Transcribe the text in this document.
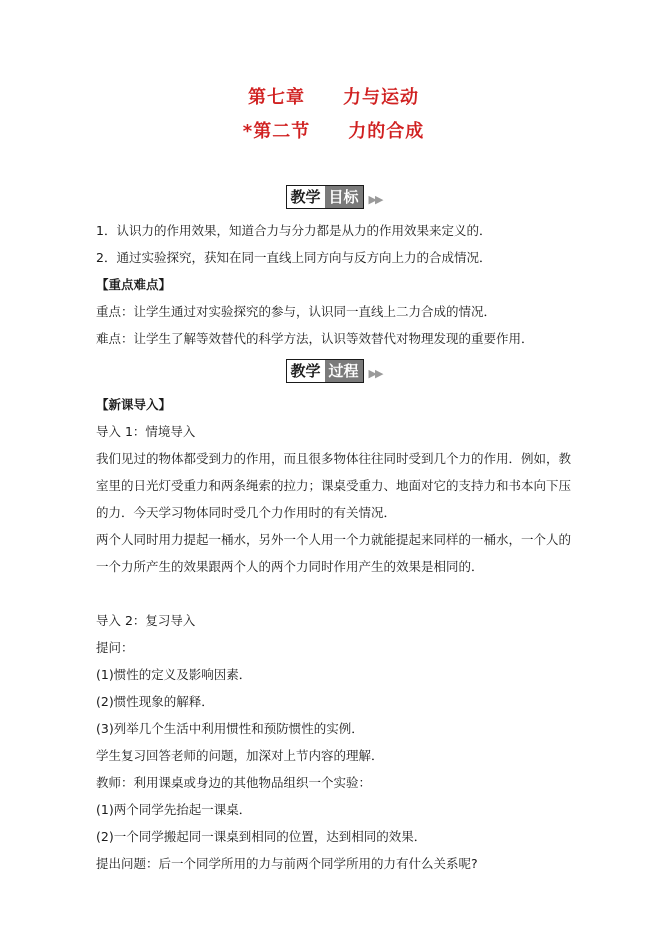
第七章　　力与运动
*第二节　　力的合成
教学 目标 ▶▶

1．认识力的作用效果，知道合力与分力都是从力的作用效果来定义的．

2．通过实验探究，获知在同一直线上同方向与反方向上力的合成情况．

【重点难点】

重点：让学生通过对实验探究的参与，认识同一直线上二力合成的情况．

难点：让学生了解等效替代的科学方法，认识等效替代对物理发现的重要作用．

教学 过程 ▶▶

【新课导入】

导入 1：情境导入

我们见过的物体都受到力的作用，而且很多物体往往同时受到几个力的作用．例如，教室里的日光灯受重力和两条绳索的拉力；课桌受重力、地面对它的支持力和书本向下压的力．今天学习物体同时受几个力作用时的有关情况．

两个人同时用力提起一桶水，另外一个人用一个力就能提起来同样的一桶水，一个人的一个力所产生的效果跟两个人的两个力同时作用产生的效果是相同的．

导入 2：复习导入

提问：

(1)惯性的定义及影响因素．

(2)惯性现象的解释．

(3)列举几个生活中利用惯性和预防惯性的实例．

学生复习回答老师的问题，加深对上节内容的理解．

教师：利用课桌或身边的其他物品组织一个实验：

(1)两个同学先抬起一课桌．

(2)一个同学搬起同一课桌到相同的位置，达到相同的效果．

提出问题：后一个同学所用的力与前两个同学所用的力有什么关系呢?
